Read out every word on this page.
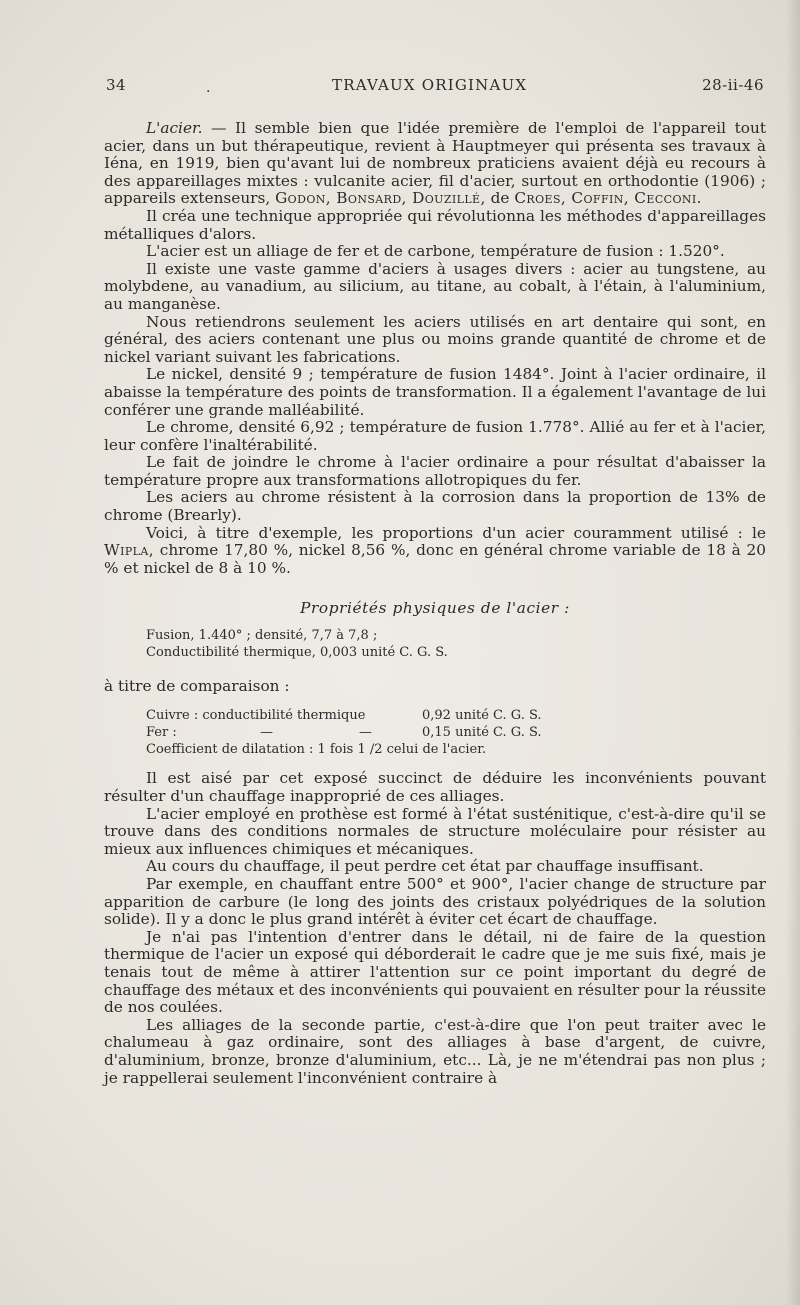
34	.	TRAVAUX ORIGINAUX	28-ii-46

L'acier. — Il semble bien que l'idée première de l'emploi de l'appareil tout acier, dans un but thérapeutique, revient à Hauptmeyer qui présenta ses travaux à Iéna, en 1919, bien qu'avant lui de nombreux praticiens avaient déjà eu recours à des appareillages mixtes : vulcanite acier, fil d'acier, surtout en orthodontie (1906) ; appareils extenseurs, Godon, Bonsard, Douzillé, de Croes, Coffin, Cecconi.

Il créa une technique appropriée qui révolutionna les méthodes d'appareillages métalliques d'alors.

L'acier est un alliage de fer et de carbone, température de fusion : 1.520°.

Il existe une vaste gamme d'aciers à usages divers : acier au tungstene, au molybdene, au vanadium, au silicium, au titane, au cobalt, à l'étain, à l'aluminium, au manganèse.

Nous retiendrons seulement les aciers utilisés en art dentaire qui sont, en général, des aciers contenant une plus ou moins grande quantité de chrome et de nickel variant suivant les fabrications.

Le nickel, densité 9 ; température de fusion 1484°. Joint à l'acier ordinaire, il abaisse la température des points de transformation. Il a également l'avantage de lui conférer une grande malléabilité.

Le chrome, densité 6,92 ; température de fusion 1.778°. Allié au fer et à l'acier, leur confère l'inaltérabilité.

Le fait de joindre le chrome à l'acier ordinaire a pour résultat d'abaisser la température propre aux transformations allotropiques du fer.

Les aciers au chrome résistent à la corrosion dans la proportion de 13% de chrome (Brearly).

Voici, à titre d'exemple, les proportions d'un acier couramment utilisé : le Wipla, chrome 17,80 %, nickel 8,56 %, donc en général chrome variable de 18 à 20 % et nickel de 8 à 10 %.

Propriétés physiques de l'acier :
Fusion, 1.440° ; densité, 7,7 à 7,8 ;
Conductibilité thermique, 0,003 unité C. G. S.
à titre de comparaison :
Cuivre : conductibilité thermique	0,92 unité C. G. S.
Fer :	—	—	0,15 unité C. G. S.
Coefficient de dilatation : 1 fois 1 /2 celui de l'acier.

Il est aisé par cet exposé succinct de déduire les inconvénients pouvant résulter d'un chauffage inapproprié de ces alliages.

L'acier employé en prothèse est formé à l'état susténitique, c'est-à-dire qu'il se trouve dans des conditions normales de structure moléculaire pour résister au mieux aux influences chimiques et mécaniques.

Au cours du chauffage, il peut perdre cet état par chauffage insuffisant.

Par exemple, en chauffant entre 500° et 900°, l'acier change de structure par apparition de carbure (le long des joints des cristaux polyédriques de la solution solide). Il y a donc le plus grand intérêt à éviter cet écart de chauffage.

Je n'ai pas l'intention d'entrer dans le détail, ni de faire de la question thermique de l'acier un exposé qui déborderait le cadre que je me suis fixé, mais je tenais tout de même à attirer l'attention sur ce point important du degré de chauffage des métaux et des inconvénients qui pouvaient en résulter pour la réussite de nos coulées.

Les alliages de la seconde partie, c'est-à-dire que l'on peut traiter avec le chalumeau à gaz ordinaire, sont des alliages à base d'argent, de cuivre, d'aluminium, bronze, bronze d'aluminium, etc... Là, je ne m'étendrai pas non plus ; je rappellerai seulement l'inconvénient contraire à
